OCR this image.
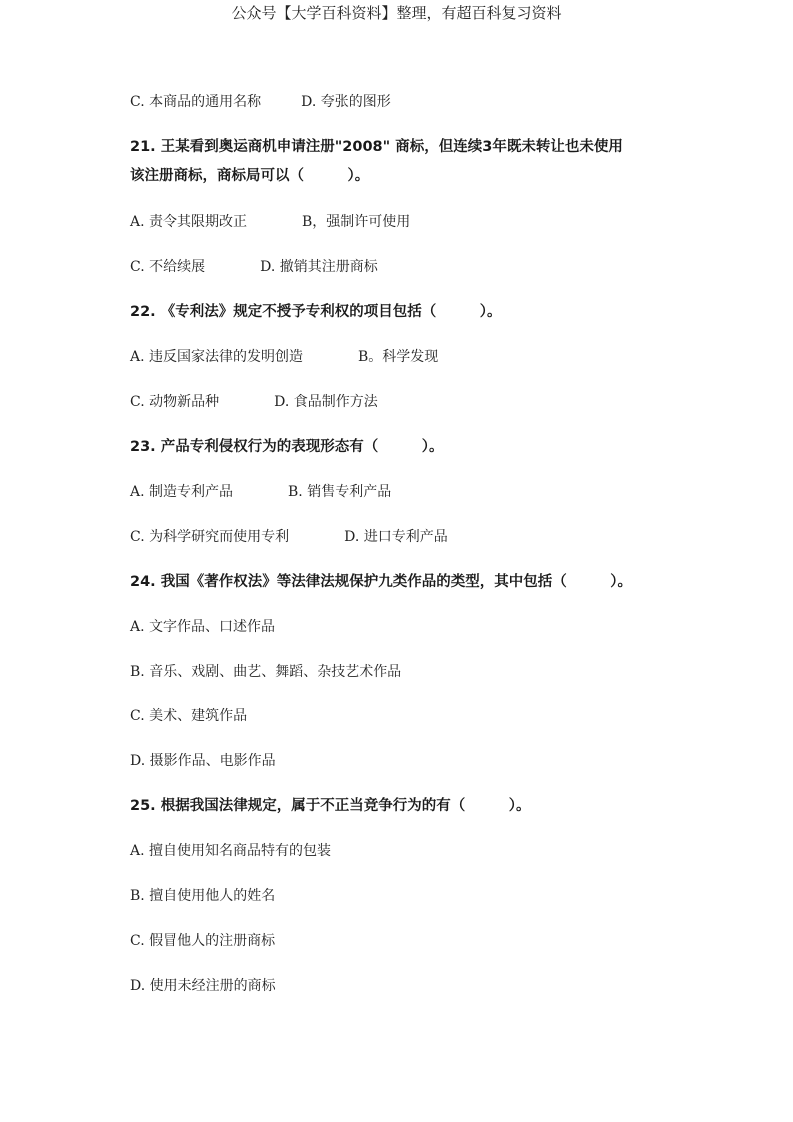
公众号【大学百科资料】整理，有超百科复习资料
C. 本商品的通用名称	D. 夸张的图形
21. 王某看到奥运商机申请注册"2008" 商标，但连续3年既未转让也未使用
该注册商标，商标局可以（　　　）。
A. 责令其限期改正	B，强制许可使用
C. 不给续展	D. 撤销其注册商标
22. 《专利法》规定不授予专利权的项目包括（　　　）。
A. 违反国家法律的发明创造	B。科学发现
C. 动物新品种	D. 食品制作方法
23. 产品专利侵权行为的表现形态有（　　　）。
A. 制造专利产品	B. 销售专利产品
C. 为科学研究而使用专利	D. 进口专利产品
24. 我国《著作权法》等法律法规保护九类作品的类型，其中包括（　　　）。
A. 文字作品、口述作品
B. 音乐、戏剧、曲艺、舞蹈、杂技艺术作品
C. 美术、建筑作品
D. 摄影作品、电影作品
25. 根据我国法律规定，属于不正当竞争行为的有（　　　）。
A. 擅自使用知名商品特有的包装
B. 擅自使用他人的姓名
C. 假冒他人的注册商标
D. 使用未经注册的商标
